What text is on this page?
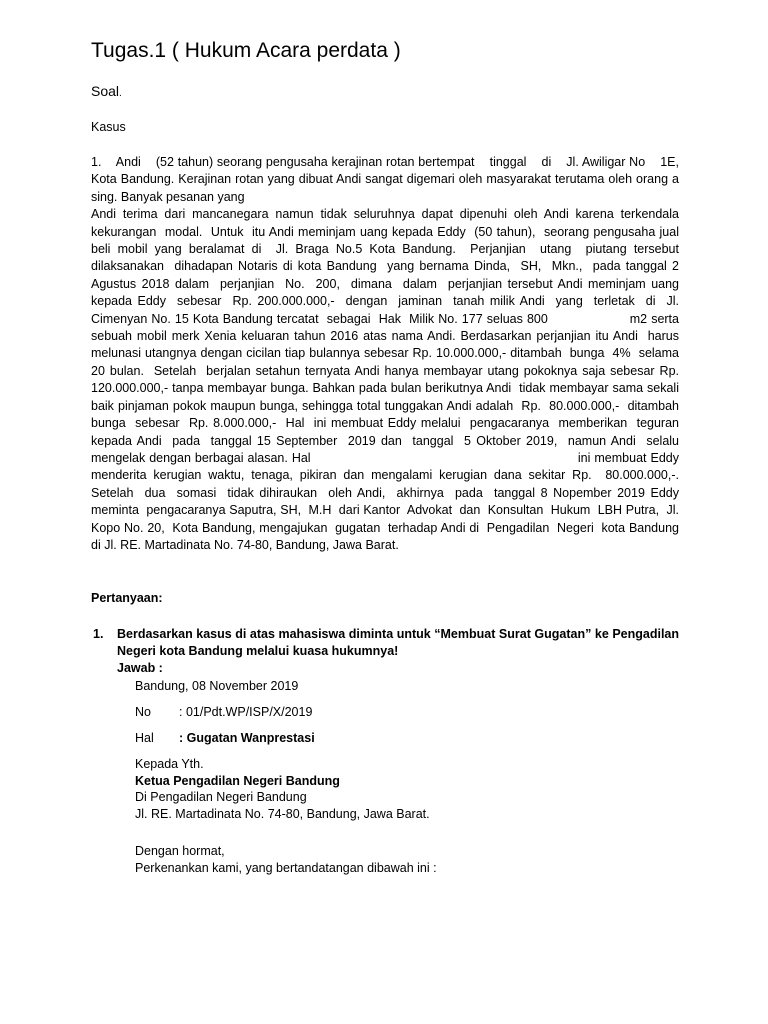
Tugas.1 ( Hukum Acara perdata )
Soal.
Kasus

1.    Andi    (52 tahun) seorang pengusaha kerajinan rotan bertempat    tinggal    di    Jl. Awiligar No    1E, Kota Bandung. Kerajinan rotan yang dibuat Andi sangat digemari oleh masyarakat terutama oleh orang a sing. Banyak pesanan yang

Andi terima dari mancanegara namun tidak seluruhnya dapat dipenuhi oleh Andi karena terkendala kekurangan  modal.  Untuk  itu Andi meminjam uang kepada Eddy  (50 tahun),  seorang pengusaha jual beli mobil yang beralamat di  Jl. Braga No.5 Kota Bandung.  Perjanjian  utang  piutang tersebut  dilaksanakan  dihadapan Notaris di kota Bandung  yang bernama Dinda,  SH,  Mkn.,  pada tanggal 2 Agustus 2018 dalam  perjanjian  No.  200,  dimana  dalam  perjanjian tersebut Andi meminjam uang  kepada Eddy  sebesar  Rp. 200.000.000,-  dengan  jaminan  tanah milik Andi  yang  terletak  di  Jl. Cimenyan No. 15 Kota Bandung tercatat  sebagai  Hak  Milik No. 177 seluas 800                    m2 serta sebuah mobil merk Xenia keluaran tahun 2016 atas nama Andi. Berdasarkan perjanjian itu Andi  harus melunasi utangnya dengan cicilan tiap bulannya sebesar Rp. 10.000.000,- ditambah  bunga  4%  selama 20 bulan.  Setelah  berjalan setahun ternyata Andi hanya membayar utang pokoknya saja sebesar Rp. 120.000.000,- tanpa membayar bunga. Bahkan pada bulan berikutnya Andi  tidak membayar sama sekali baik pinjaman pokok maupun bunga, sehingga total tunggakan Andi adalah  Rp.  80.000.000,-  ditambah  bunga  sebesar  Rp. 8.000.000,-  Hal  ini membuat Eddy melalui  pengacaranya  memberikan  teguran  kepada Andi  pada  tanggal 15 September  2019 dan  tanggal  5 Oktober 2019,  namun Andi  selalu mengelak dengan berbagai alasan. Hal                                                                   ini membuat Eddy menderita kerugian waktu, tenaga, pikiran dan mengalami kerugian dana sekitar Rp.  80.000.000,-.  Setelah  dua  somasi  tidak dihiraukan  oleh Andi,  akhirnya  pada  tanggal 8 Nopember 2019 Eddy meminta  pengacaranya Saputra, SH,  M.H  dari Kantor  Advokat  dan  Konsultan  Hukum  LBH Putra,  Jl. Kopo No. 20,  Kota Bandung, mengajukan  gugatan  terhadap Andi di  Pengadilan  Negeri  kota Bandung di Jl. RE. Martadinata No. 74-80, Bandung, Jawa Barat.

Pertanyaan:
1. Berdasarkan kasus di atas mahasiswa diminta untuk “Membuat Surat Gugatan” ke Pengadilan Negeri kota Bandung melalui kuasa hukumnya!
Jawab :
Bandung, 08 November 2019
No : 01/Pdt.WP/ISP/X/2019
Hal : Gugatan Wanprestasi
Kepada Yth.
Ketua Pengadilan Negeri Bandung
Di Pengadilan Negeri Bandung
Jl. RE. Martadinata No. 74-80, Bandung, Jawa Barat.
Dengan hormat,
Perkenankan kami, yang bertandatangan dibawah ini :
